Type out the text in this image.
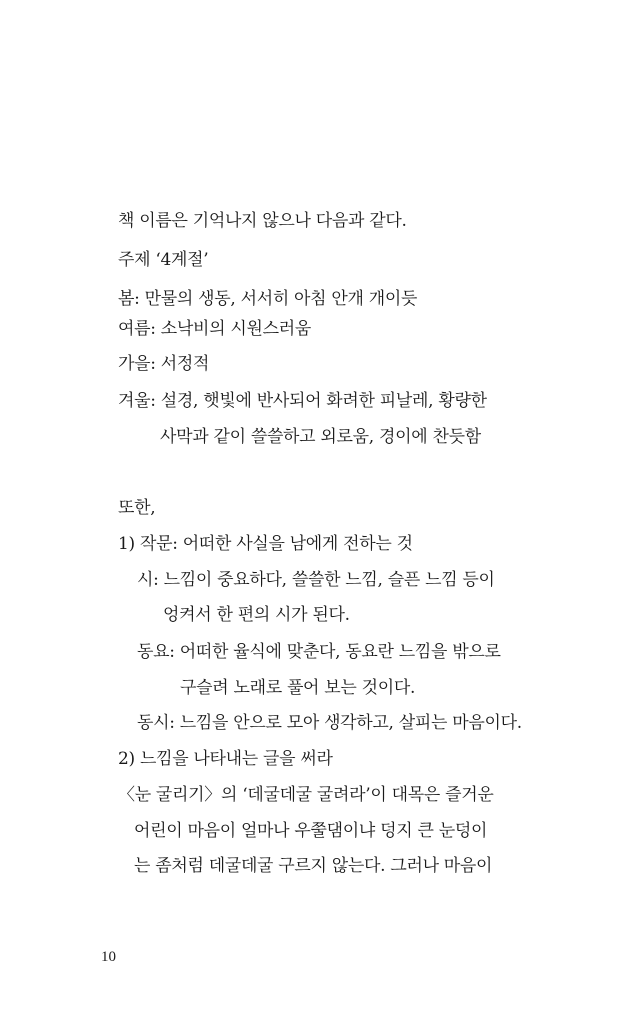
책 이름은 기억나지 않으나 다음과 같다.
주제 ‘4계절’
봄: 만물의 생동, 서서히 아침 안개 개이듯
여름: 소낙비의 시원스러움
가을: 서정적
겨울: 설경, 햇빛에 반사되어 화려한 피날레, 황량한
사막과 같이 쓸쓸하고 외로움, 경이에 찬듯함
또한,
1) 작문: 어떠한 사실을 남에게 전하는 것
시: 느낌이 중요하다, 쓸쓸한 느낌, 슬픈 느낌 등이
엉켜서 한 편의 시가 된다.
동요: 어떠한 율식에 맞춘다, 동요란 느낌을 밖으로
구슬려 노래로 풀어 보는 것이다.
동시: 느낌을 안으로 모아 생각하고, 살피는 마음이다.
2) 느낌을 나타내는 글을 써라
〈눈 굴리기〉의 ‘데굴데굴 굴려라’이 대목은 즐거운
어린이 마음이 얼마나 우쭐댐이냐 덩지 큰 눈덩이
는 좀처럼 데굴데굴 구르지 않는다. 그러나 마음이
10
